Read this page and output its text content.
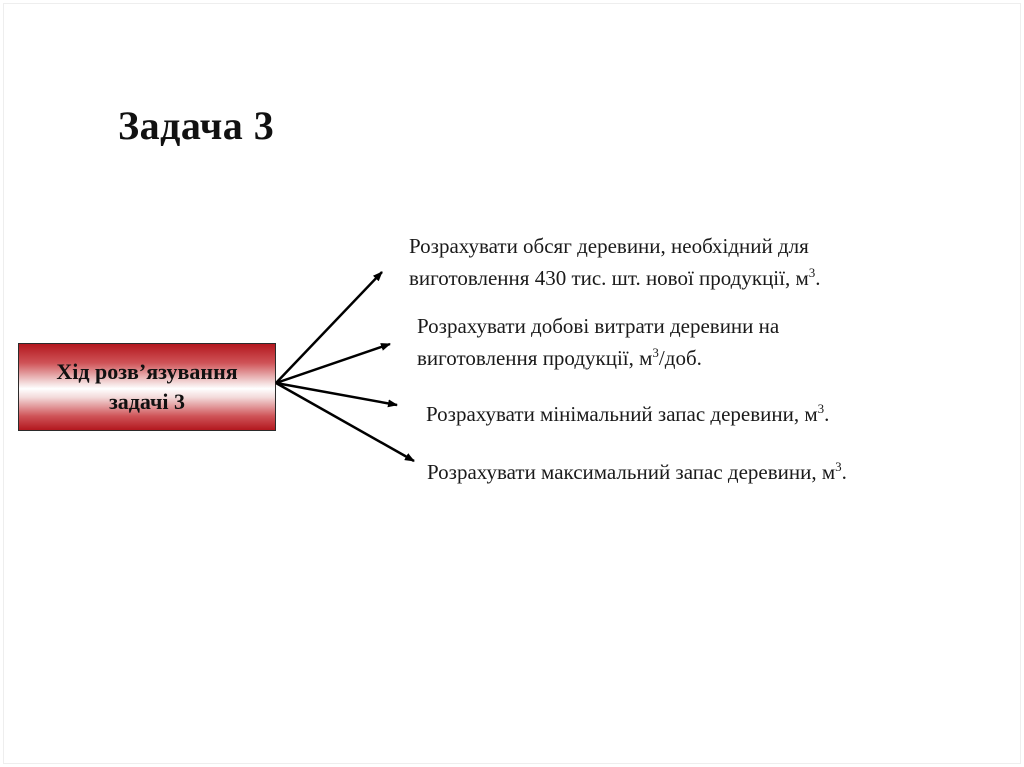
Задача 3
Хід розв’язування
задачі 3
Розрахувати обсяг деревини, необхідний для
виготовлення 430 тис. шт. нової продукції, $м^3$.
Розрахувати добові витрати деревини на
виготовлення продукції, $м^3$/доб.
Розрахувати мінімальний запас деревини, $м^3$.
Розрахувати максимальний запас деревини, $м^3$.
